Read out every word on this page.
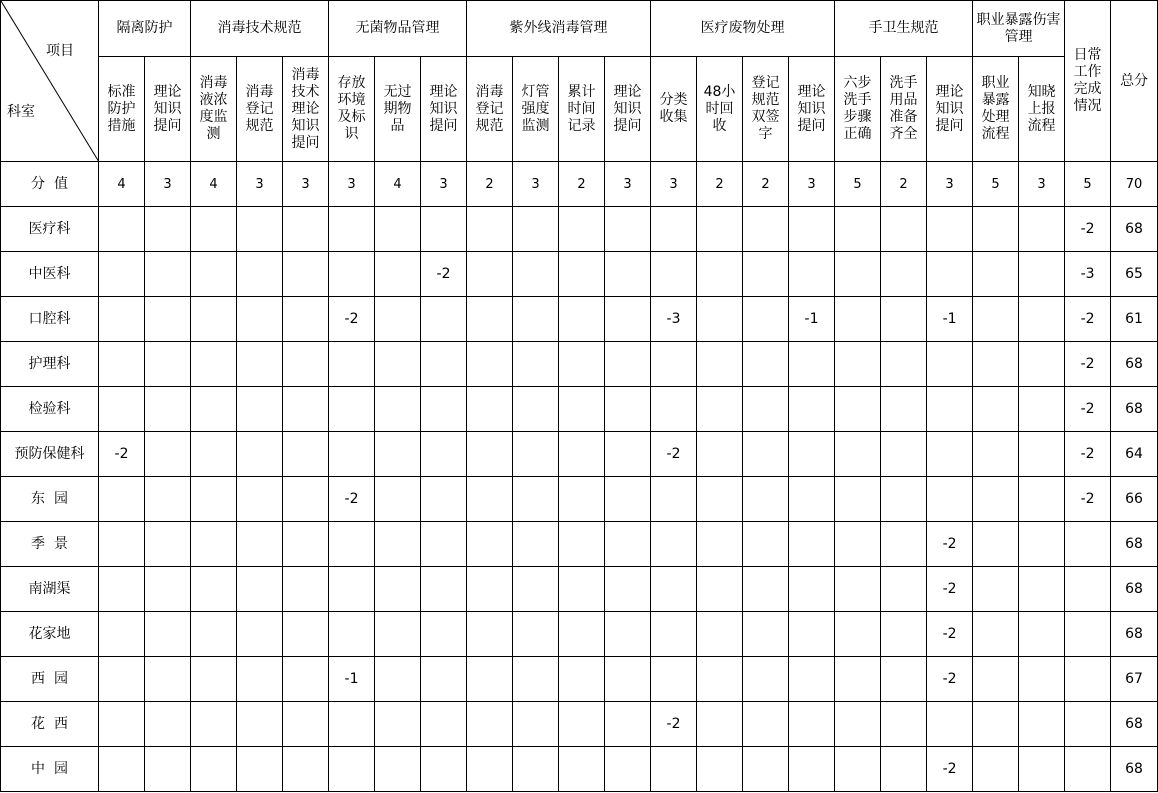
项目
科室	隔离防护		消毒技术规范			无菌物品管理			紫外线消毒管理				医疗废物处理				手卫生规范			职业暴露伤害管理		日常工作完成情况	总分
	标准防护措施	理论知识提问	消毒液浓度监测	消毒登记规范	消毒技术理论知识提问	存放环境及标识	无过期物品	理论知识提问	消毒登记规范	灯管强度监测	累计时间记录	理论知识提问	分类收集	48小时回收	登记规范双签字	理论知识提问	六步洗手步骤正确	洗手用品准备齐全	理论知识提问	职业暴露处理流程	知晓上报流程		
分  值	4	3	4	3	3	3	4	3	2	3	2	3	3	2	2	3	5	2	3	5	3	5	70
医疗科																						-2	68
中医科								-2														-3	65
口腔科						-2							-3			-1			-1			-2	61
护理科																						-2	68
检验科																						-2	68
预防保健科	-2												-2									-2	64
东  园						-2																-2	66
季  景																			-2				68
南湖渠																			-2				68
花家地																			-2				68
西  园						-1													-2				67
花  西													-2										68
中  园																			-2				68
